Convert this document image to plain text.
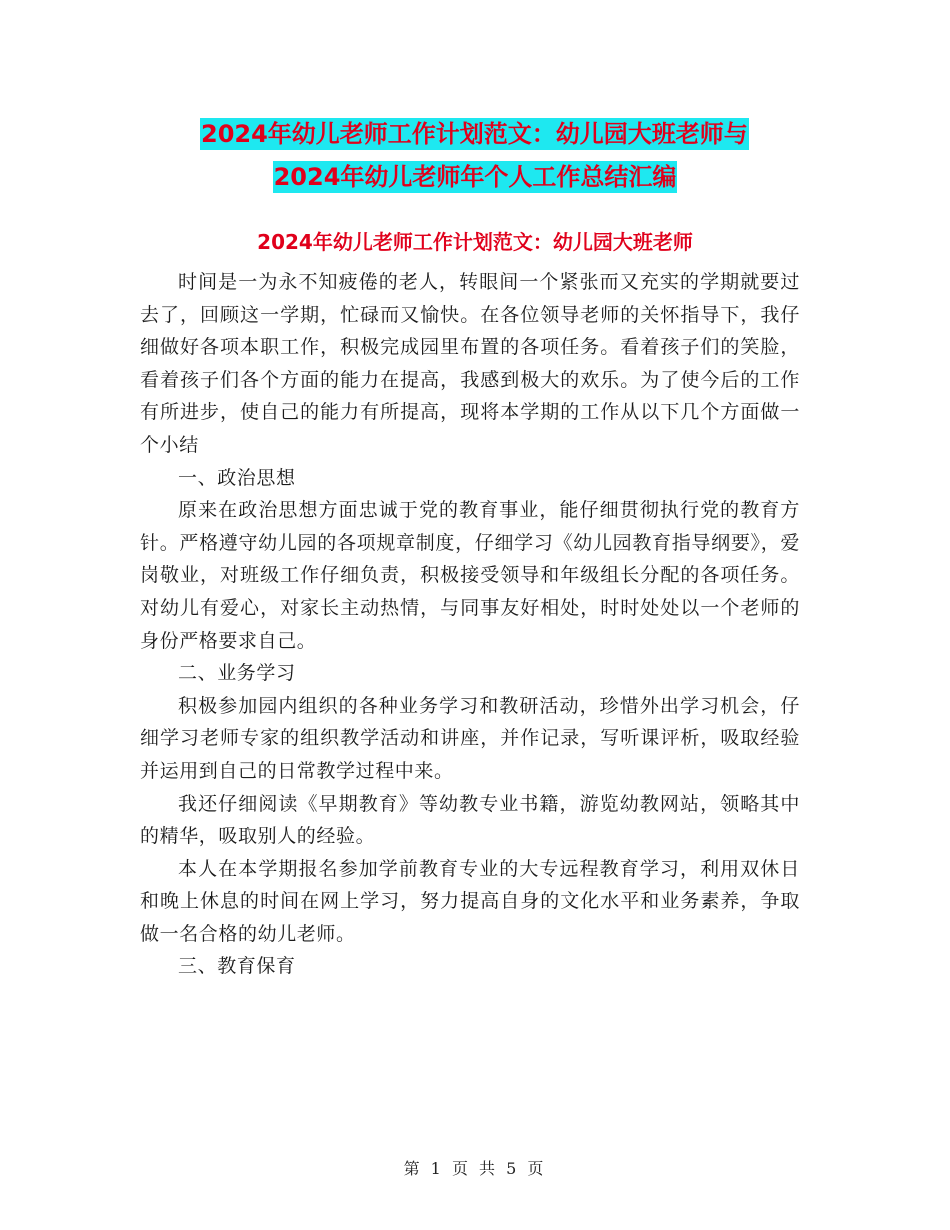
2024年幼儿老师工作计划范文：幼儿园大班老师与
2024年幼儿老师年个人工作总结汇编
2024年幼儿老师工作计划范文：幼儿园大班老师

时间是一为永不知疲倦的老人，转眼间一个紧张而又充实的学期就要过去了，回顾这一学期，忙碌而又愉快。在各位领导老师的关怀指导下，我仔细做好各项本职工作，积极完成园里布置的各项任务。看着孩子们的笑脸，看着孩子们各个方面的能力在提高，我感到极大的欢乐。为了使今后的工作有所进步，使自己的能力有所提高，现将本学期的工作从以下几个方面做一个小结

一、政治思想

原来在政治思想方面忠诚于党的教育事业，能仔细贯彻执行党的教育方针。严格遵守幼儿园的各项规章制度，仔细学习《幼儿园教育指导纲要》，爱岗敬业，对班级工作仔细负责，积极接受领导和年级组长分配的各项任务。对幼儿有爱心，对家长主动热情，与同事友好相处，时时处处以一个老师的身份严格要求自己。

二、业务学习

积极参加园内组织的各种业务学习和教研活动，珍惜外出学习机会，仔细学习老师专家的组织教学活动和讲座，并作记录，写听课评析，吸取经验并运用到自己的日常教学过程中来。

我还仔细阅读《早期教育》等幼教专业书籍，游览幼教网站，领略其中的精华，吸取别人的经验。

本人在本学期报名参加学前教育专业的大专远程教育学习，利用双休日和晚上休息的时间在网上学习，努力提高自身的文化水平和业务素养，争取做一名合格的幼儿老师。

三、教育保育

第 1 页 共 5 页
